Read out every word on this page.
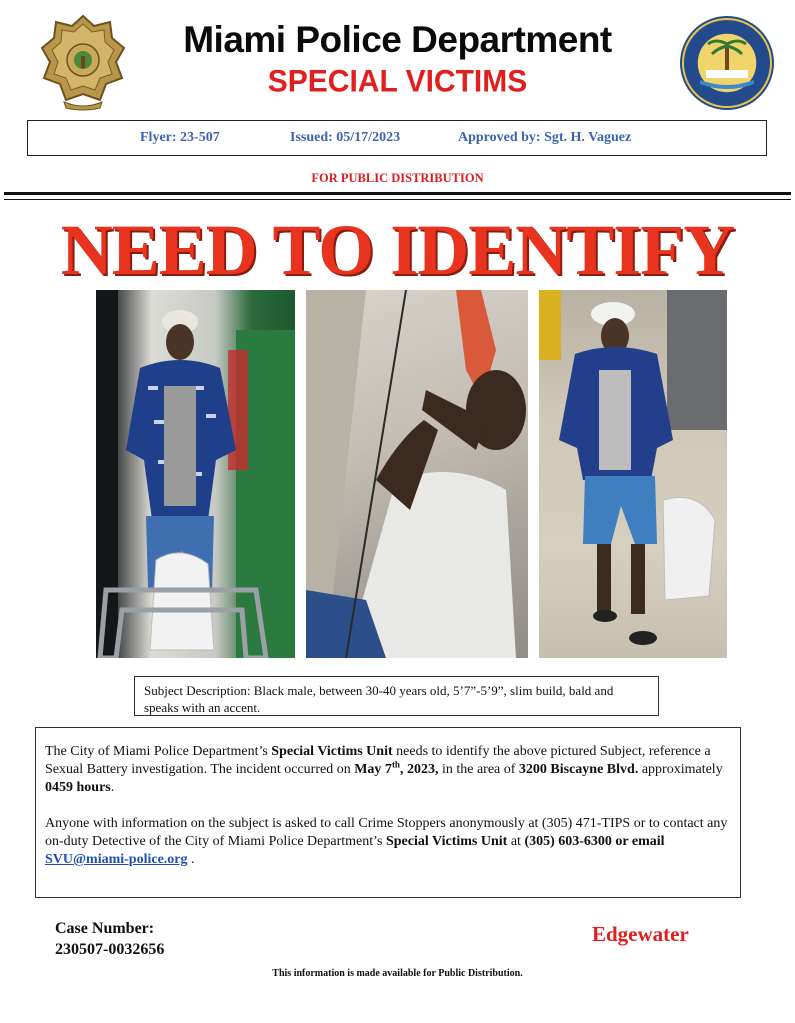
Miami Police Department
SPECIAL VICTIMS
Flyer: 23-507	Issued: 05/17/2023	Approved by: Sgt. H. Vaguez
FOR PUBLIC DISTRIBUTION
NEED TO IDENTIFY
Subject Description: Black male, between 30-40 years old, 5’7”-5’9”, slim build, bald and speaks with an accent.

The City of Miami Police Department’s Special Victims Unit needs to identify the above pictured Subject, reference a Sexual Battery investigation. The incident occurred on May 7th, 2023, in the area of 3200 Biscayne Blvd. approximately 0459 hours.

Anyone with information on the subject is asked to call Crime Stoppers anonymously at (305) 471-TIPS or to contact any on-duty Detective of the City of Miami Police Department’s Special Victims Unit at (305) 603-6300 or email SVU@miami-police.org .

Case Number:
230507-0032656
Edgewater
This information is made available for Public Distribution.
